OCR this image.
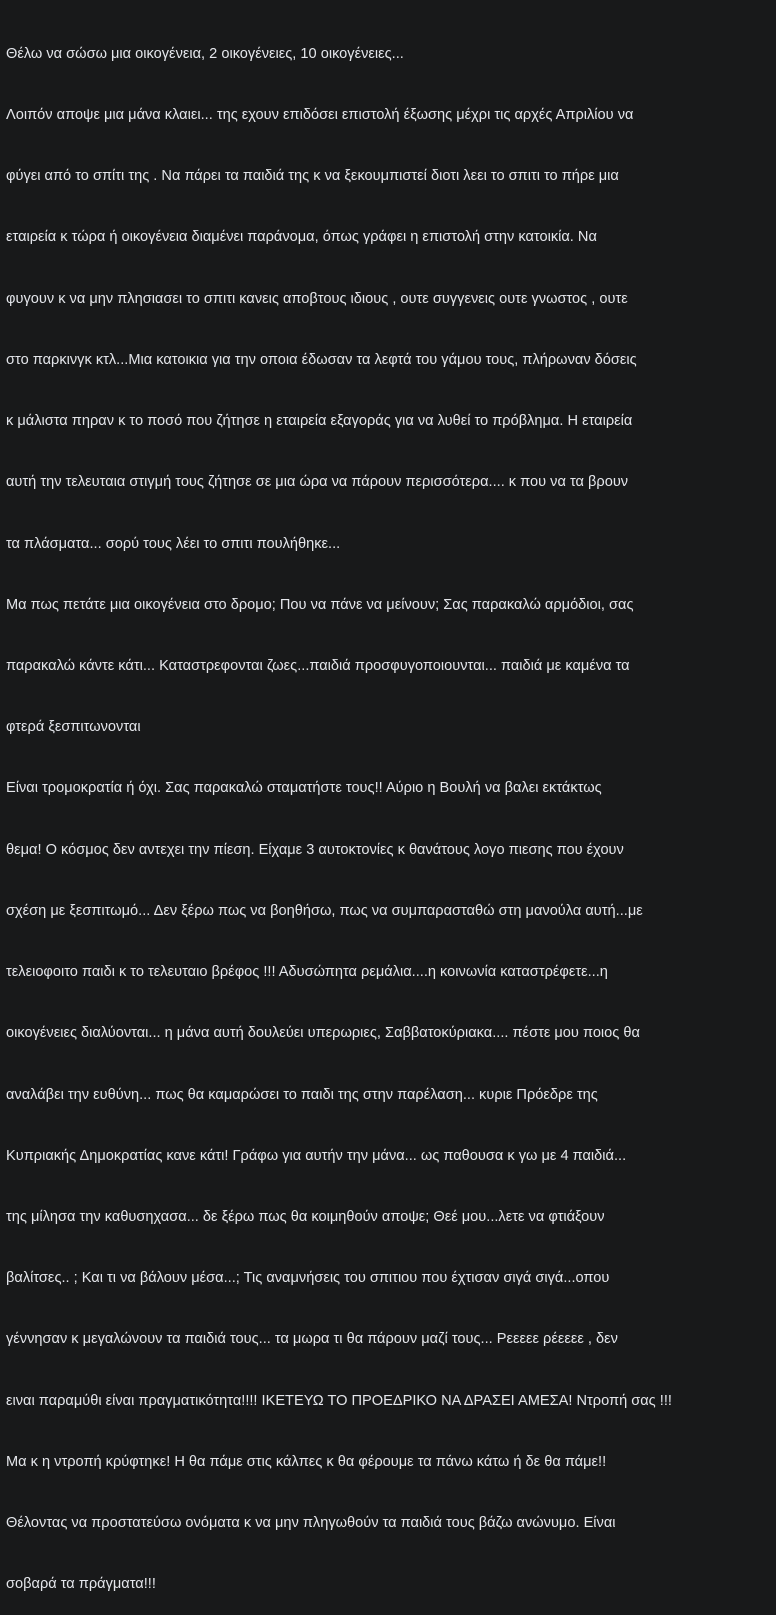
Θέλω να σώσω μια οικογένεια, 2 οικογένειες, 10 οικογένειες...

Λοιπόν αποψε μια μάνα κλαιει... της εχουν επιδόσει επιστολή έξωσης μέχρι τις αρχές Απριλίου να

φύγει από το σπίτι της . Να πάρει τα παιδιά της κ να ξεκουμπιστεί διοτι λεει το σπιτι το πήρε μια

εταιρεία κ τώρα ή οικογένεια διαμένει παράνομα, όπως γράφει η επιστολή στην κατοικία. Να

φυγουν κ να μην πλησιασει το σπιτι κανεις αποβτους ιδιους , ουτε συγγενεις ουτε γνωστος , ουτε

στο παρκινγκ κτλ...Μια κατοικια για την οποια έδωσαν τα λεφτά του γάμου τους, πλήρωναν δόσεις

κ μάλιστα πηραν κ το ποσό που ζήτησε η εταιρεία εξαγοράς για να λυθεί το πρόβλημα. Η εταιρεία

αυτή την τελευταια στιγμή τους ζήτησε σε μια ώρα να πάρουν περισσότερα.... κ που να τα βρουν

τα πλάσματα... σορύ τους λέει το σπιτι πουλήθηκε...

Μα πως πετάτε μια οικογένεια στο δρομο; Που να πάνε να μείνουν; Σας παρακαλώ αρμόδιοι, σας

παρακαλώ κάντε κάτι... Καταστρεφονται ζωες...παιδιά προσφυγοποιουνται... παιδιά με καμένα τα

φτερά ξεσπιτωνονται

Είναι τρομοκρατία ή όχι. Σας παρακαλώ σταματήστε τους!! Αύριο η Βουλή να βαλει εκτάκτως

θεμα! Ο κόσμος δεν αντεχει την πίεση. Είχαμε 3 αυτοκτονίες κ θανάτους λογο πιεσης που έχουν

σχέση με ξεσπιτωμό... Δεν ξέρω πως να βοηθήσω, πως να συμπαρασταθώ στη μανούλα αυτή...με

τελειοφοιτο παιδι κ το τελευταιο βρέφος !!! Αδυσώπητα ρεμάλια....η κοινωνία καταστρέφετε...η

οικογένειες διαλύονται... η μάνα αυτή δουλεύει υπερωριες, Σαββατοκύριακα.... πέστε μου ποιος θα

αναλάβει την ευθύνη... πως θα καμαρώσει το παιδι της στην παρέλαση... κυριε Πρόεδρε της

Κυπριακής Δημοκρατίας κανε κάτι! Γράφω για αυτήν την μάνα... ως παθουσα κ γω με 4 παιδιά...

της μίλησα την καθυσηχασα... δε ξέρω πως θα κοιμηθούν αποψε; Θεέ μου...λετε να φτιάξουν

βαλίτσες.. ; Και τι να βάλουν μέσα...; Τις αναμνήσεις του σπιτιου που έχτισαν σιγά σιγά...οπου

γέννησαν κ μεγαλώνουν τα παιδιά τους... τα μωρα τι θα πάρουν μαζί τους... Ρεεεεε ρέεεεε , δεν

ειναι παραμύθι είναι πραγματικότητα!!!! ΙΚΕΤΕΥΩ ΤΟ ΠΡΟΕΔΡΙΚΟ ΝΑ ΔΡΑΣΕΙ ΑΜΕΣΑ! Ντροπή σας !!!

Μα κ η ντροπή κρύφτηκε! Η θα πάμε στις κάλπες κ θα φέρουμε τα πάνω κάτω ή δε θα πάμε!!

Θέλοντας να προστατεύσω ονόματα κ να μην πληγωθούν τα παιδιά τους βάζω ανώνυμο. Είναι

σοβαρά τα πράγματα!!!
